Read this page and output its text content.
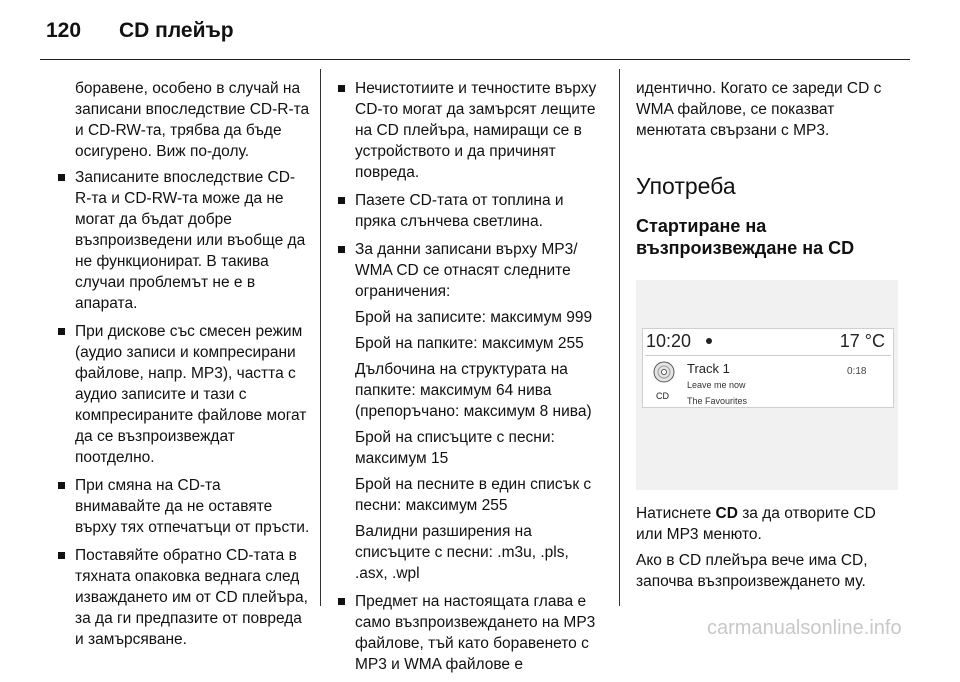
120 CD плейър

боравене, особено в случай на записани впоследствие CD-R-та и CD-RW-та, трябва да бъде осигурено. Виж по-долу.

Записаните впоследствие CD-R-та и CD-RW-та може да не могат да бъдат добре възпроизведени или въобще да не функционират. В такива случаи проблемът не е в апарата.
При дискове със смесен режим (аудио записи и компресирани файлове, напр. MP3), частта с аудио записите и тази с компресираните файлове могат да се възпроизвеждат поотделно.
При смяна на CD-та внимавайте да не оставяте върху тях отпечатъци от пръсти.
Поставяйте обратно CD-тата в тяхната опаковка веднага след изваждането им от CD плейъра, за да ги предпазите от повреда и замърсяване.
Нечистотиите и течностите върху CD-то могат да замърсят лещите на CD плейъра, намиращи се в устройството и да причинят повреда.
Пазете CD-тата от топлина и пряка слънчева светлина.
За данни записани върху MP3/ WMA CD се отнасят следните ограничения:

Брой на записите: максимум 999

Брой на папките: максимум 255

Дълбочина на структурата на папките: максимум 64 нива (препоръчано: максимум 8 нива)

Брой на списъците с песни: максимум 15

Брой на песните в един списък с песни: максимум 255

Валидни разширения на списъците с песни: .m3u, .pls, .asx, .wpl

Предмет на настоящата глава е само възпроизвеждането на MP3 файлове, тъй като боравенето с MP3 и WMA файлове е

идентично. Когато се зареди CD с WMA файлове, се показват менютата свързани с MP3.

Употреба
Стартиране на възпроизвеждане на CD
10:20	17 °C
CD
Track 1
Leave me now
The Favourites
0:18

Натиснете CD за да отворите CD или MP3 менюто.

Ако в CD плейъра вече има CD, започва възпроизвеждането му.

carmanualsonline.info
